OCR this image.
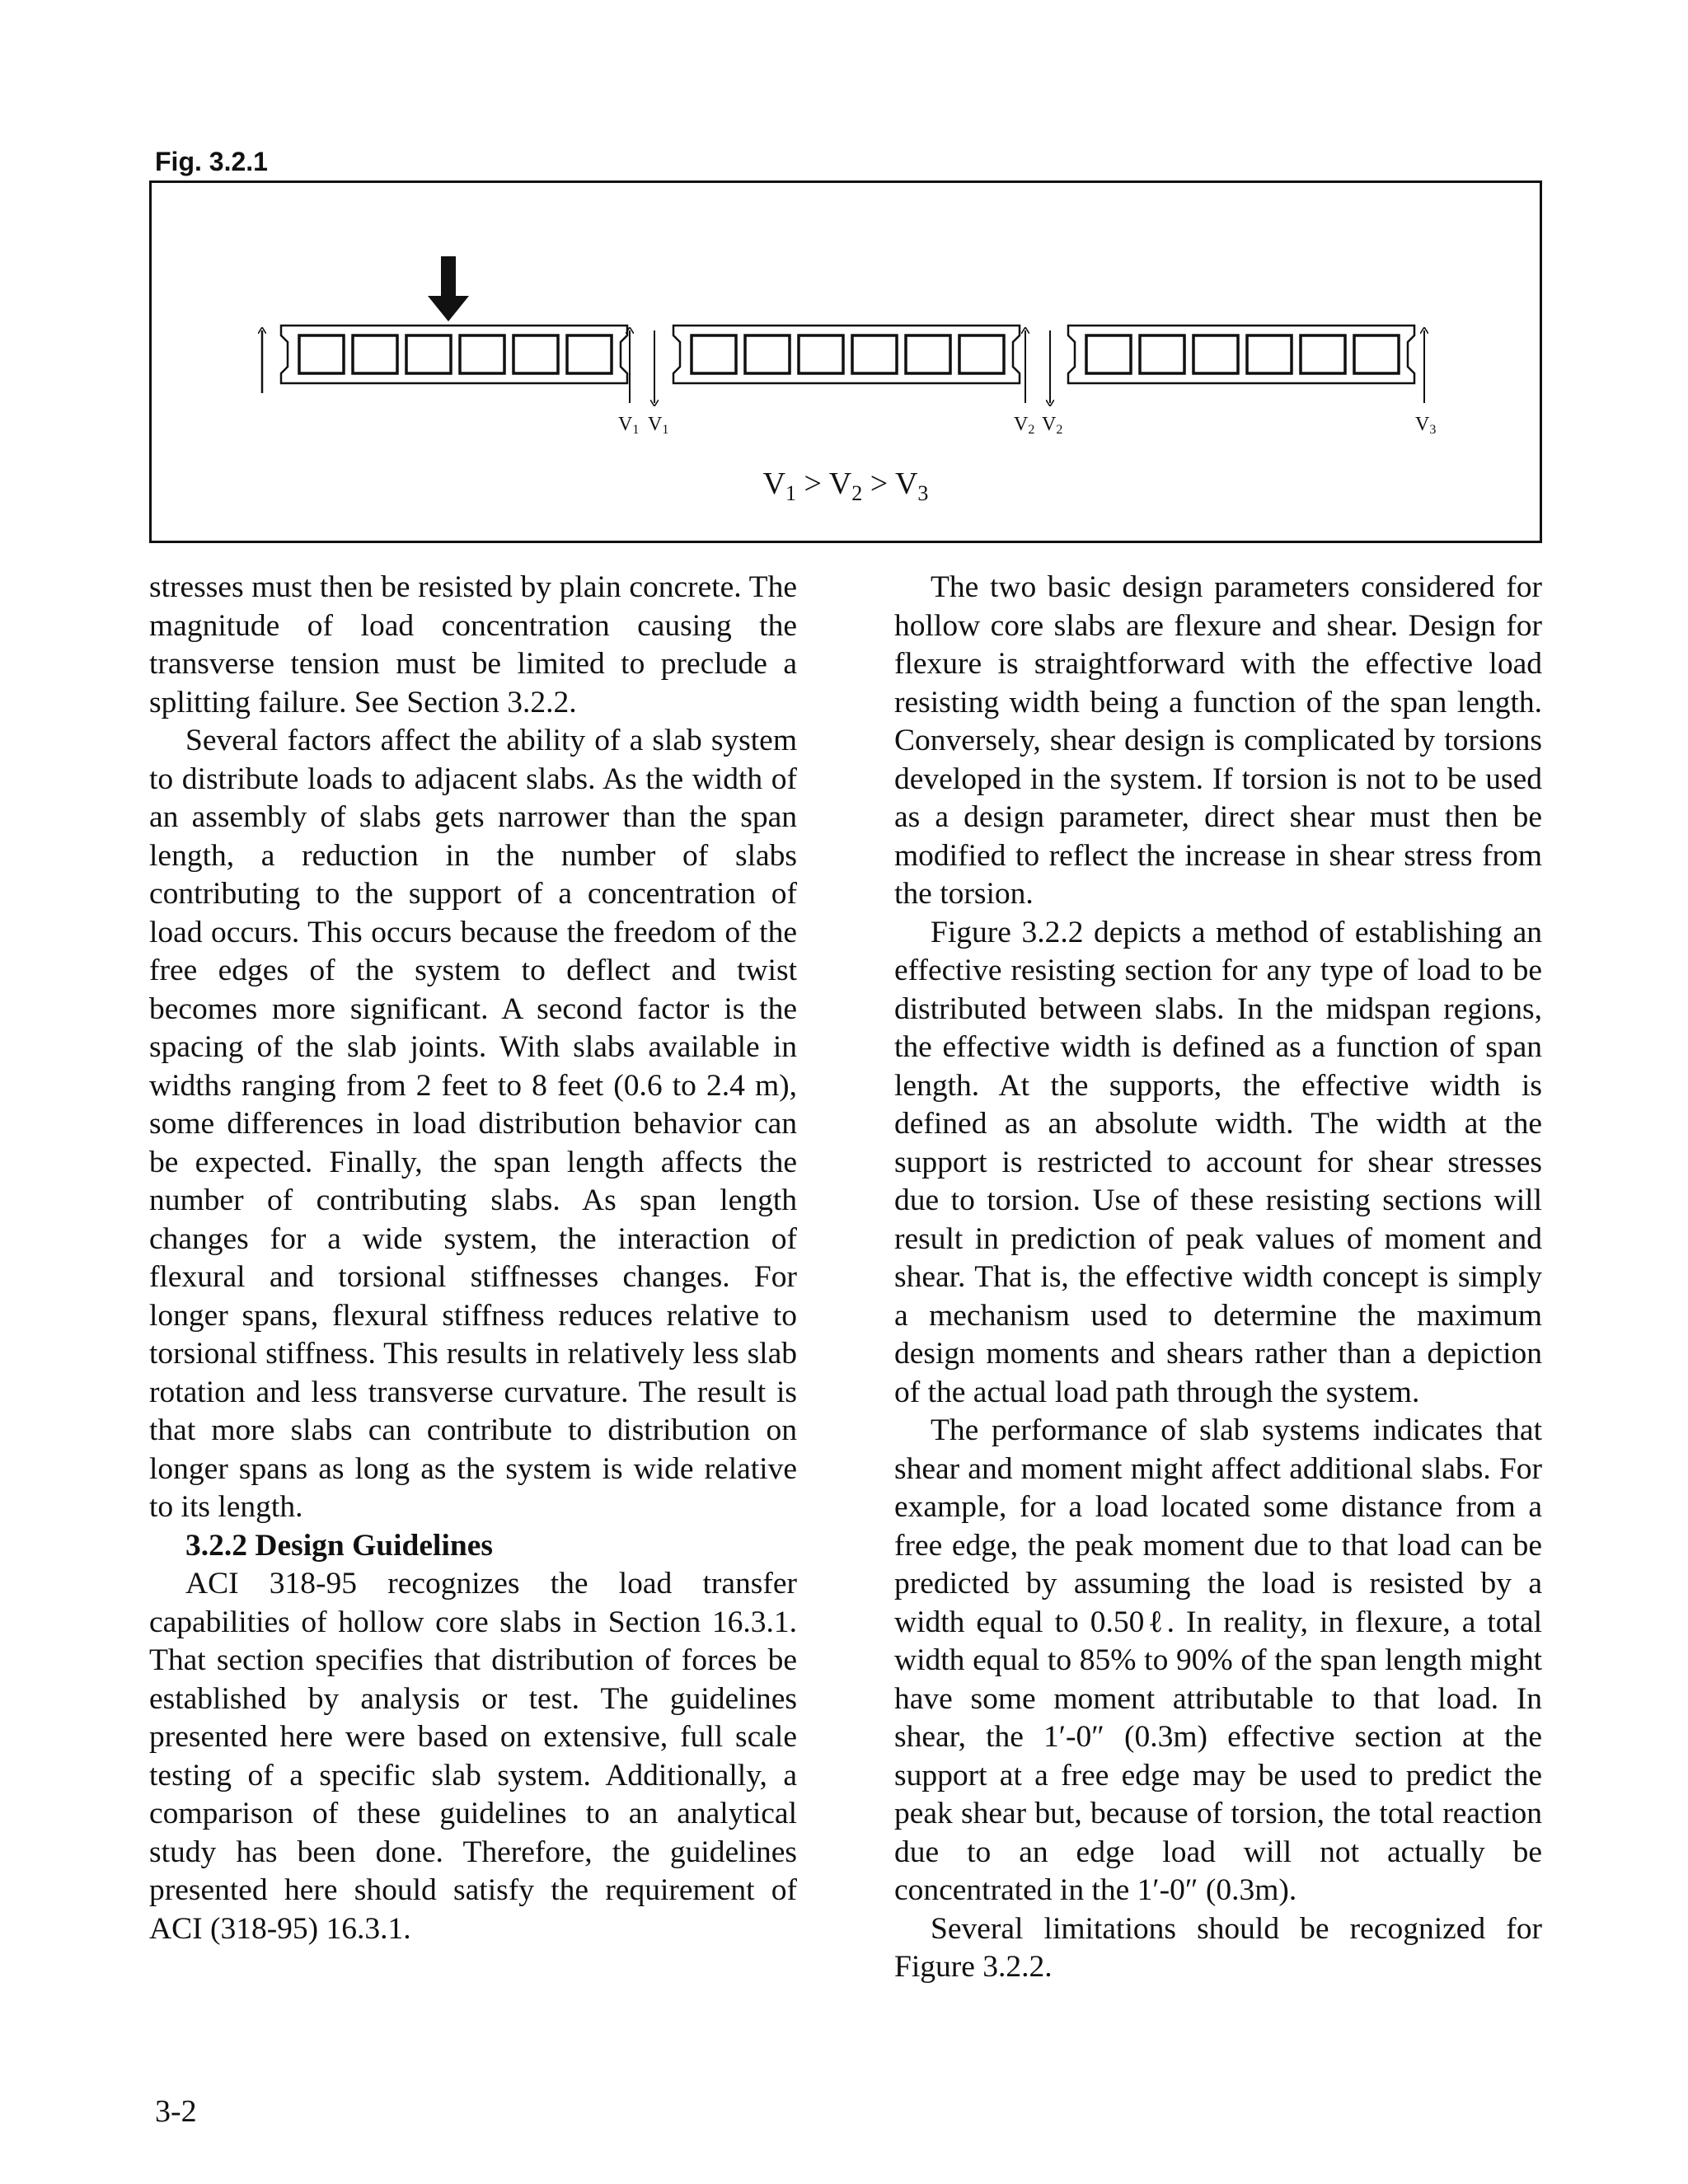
Fig. 3.2.1
V1 V1	V2 V2	V3
$V_1 > V_2 > V_3$

stresses must then be resisted by plain concrete. The magnitude of load concentration causing the transverse tension must be limited to preclude a splitting failure. See Section 3.2.2.

Several factors affect the ability of a slab system to distribute loads to adjacent slabs. As the width of an assembly of slabs gets narrower than the span length, a reduction in the number of slabs contributing to the support of a concentration of load occurs. This occurs because the freedom of the free edges of the system to deflect and twist becomes more significant. A second factor is the spacing of the slab joints. With slabs available in widths ranging from 2 feet to 8 feet (0.6 to 2.4 m), some differences in load distribution behavior can be expected. Finally, the span length affects the number of contributing slabs. As span length changes for a wide system, the interaction of flexural and torsional stiffnesses changes. For longer spans, flexural stiffness reduces relative to torsional stiffness. This results in relatively less slab rotation and less transverse curvature. The result is that more slabs can contribute to distribution on longer spans as long as the system is wide relative to its length.

3.2.2 Design Guidelines

ACI 318-95 recognizes the load transfer capabilities of hollow core slabs in Section 16.3.1. That section specifies that distribution of forces be established by analysis or test. The guidelines presented here were based on extensive, full scale testing of a specific slab system. Additionally, a comparison of these guidelines to an analytical study has been done. Therefore, the guidelines presented here should satisfy the requirement of ACI (318-95) 16.3.1.

The two basic design parameters considered for hollow core slabs are flexure and shear. Design for flexure is straightforward with the effective load resisting width being a function of the span length. Conversely, shear design is complicated by torsions developed in the system. If torsion is not to be used as a design parameter, direct shear must then be modified to reflect the increase in shear stress from the torsion.

Figure 3.2.2 depicts a method of establishing an effective resisting section for any type of load to be distributed between slabs. In the midspan regions, the effective width is defined as a function of span length. At the supports, the effective width is defined as an absolute width. The width at the support is restricted to account for shear stresses due to torsion. Use of these resisting sections will result in prediction of peak values of moment and shear. That is, the effective width concept is simply a mechanism used to determine the maximum design moments and shears rather than a depiction of the actual load path through the system.

The performance of slab systems indicates that shear and moment might affect additional slabs. For example, for a load located some distance from a free edge, the peak moment due to that load can be predicted by assuming the load is resisted by a width equal to 0.50ℓ. In reality, in flexure, a total width equal to 85% to 90% of the span length might have some moment attributable to that load. In shear, the 1′-0″ (0.3m) effective section at the support at a free edge may be used to predict the peak shear but, because of torsion, the total reaction due to an edge load will not actually be concentrated in the 1′-0″ (0.3m).

Several limitations should be recognized for Figure 3.2.2.

3-2
